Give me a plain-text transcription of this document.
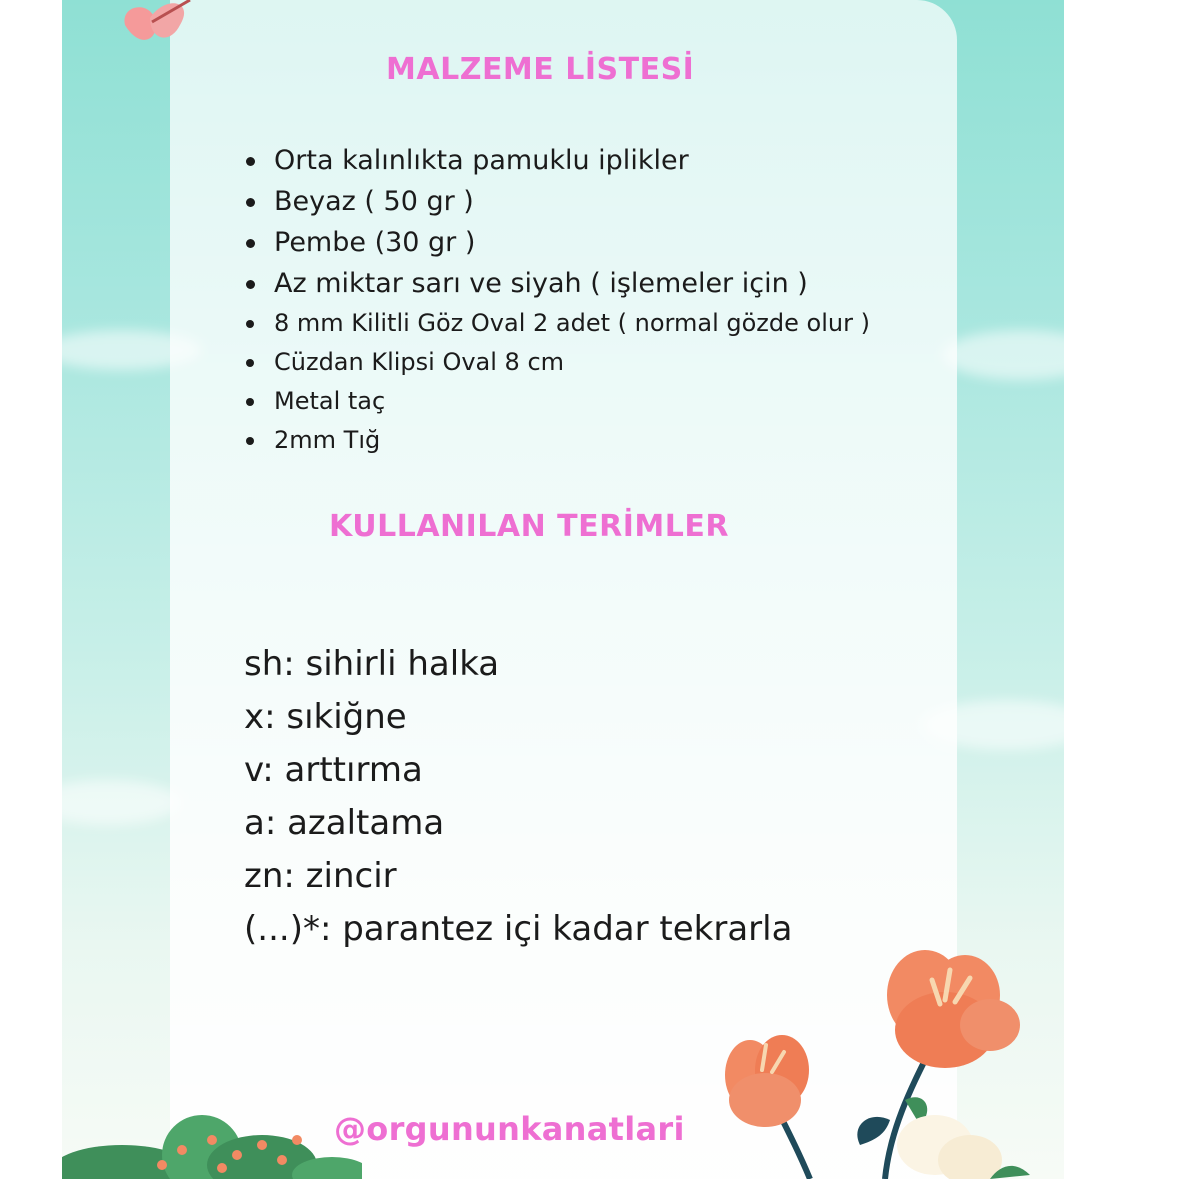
MALZEME LİSTESİ
Orta kalınlıkta pamuklu iplikler
Beyaz ( 50 gr )
Pembe (30 gr )
Az miktar sarı ve siyah ( işlemeler için )
8 mm Kilitli Göz Oval 2 adet ( normal gözde olur )
Cüzdan Klipsi Oval 8 cm
Metal taç
2mm Tığ
KULLANILAN TERİMLER
sh: sihirli halka
x: sıkiğne
v: arttırma
a: azaltama
zn: zincir
(...)*: parantez içi kadar tekrarla
@orgununkanatlari
